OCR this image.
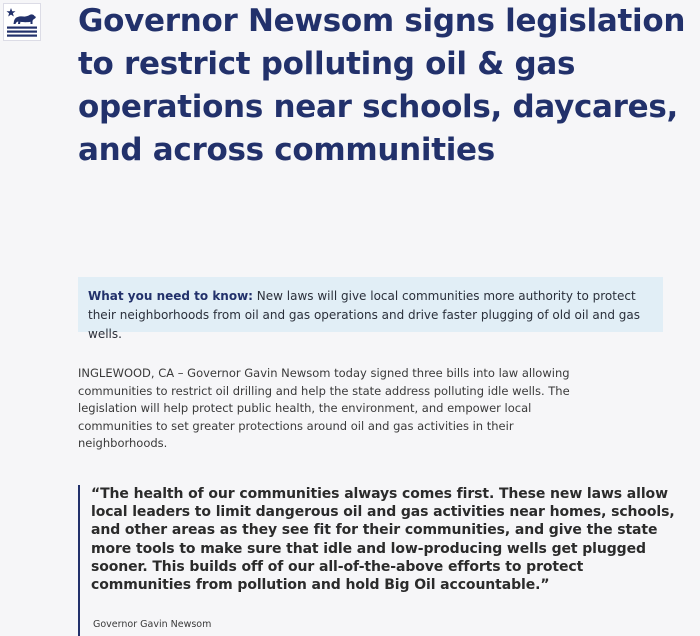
Governor Newsom signs legislation to restrict polluting oil & gas operations near schools, daycares, and across communities
What you need to know: New laws will give local communities more authority to protect their neighborhoods from oil and gas operations and drive faster plugging of old oil and gas wells.

INGLEWOOD, CA – Governor Gavin Newsom today signed three bills into law allowing communities to restrict oil drilling and help the state address polluting idle wells. The legislation will help protect public health, the environment, and empower local communities to set greater protections around oil and gas activities in their neighborhoods.

“The health of our communities always comes first. These new laws allow local leaders to limit dangerous oil and gas activities near homes, schools, and other areas as they see fit for their communities, and give the state more tools to make sure that idle and low-producing wells get plugged sooner. This builds off of our all-of-the-above efforts to protect communities from pollution and hold Big Oil accountable.”

Governor Gavin Newsom
